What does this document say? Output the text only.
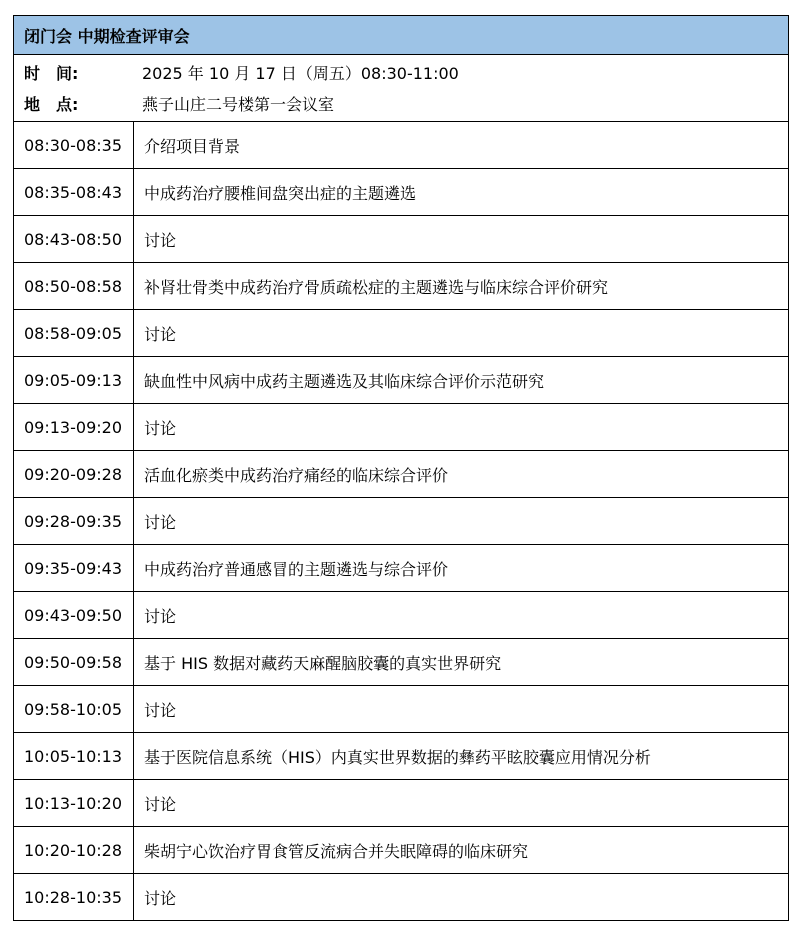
闭门会 中期检查评审会	

时　间: 2025 年 10 月 17 日（周五）08:30-11:00
地　点: 燕子山庄二号楼第一会议室	

08:30-08:35	介绍项目背景
08:35-08:43	中成药治疗腰椎间盘突出症的主题遴选
08:43-08:50	讨论
08:50-08:58	补肾壮骨类中成药治疗骨质疏松症的主题遴选与临床综合评价研究
08:58-09:05	讨论
09:05-09:13	缺血性中风病中成药主题遴选及其临床综合评价示范研究
09:13-09:20	讨论
09:20-09:28	活血化瘀类中成药治疗痛经的临床综合评价
09:28-09:35	讨论
09:35-09:43	中成药治疗普通感冒的主题遴选与综合评价
09:43-09:50	讨论
09:50-09:58	基于 HIS 数据对藏药天麻醒脑胶囊的真实世界研究
09:58-10:05	讨论
10:05-10:13	基于医院信息系统（HIS）内真实世界数据的彝药平眩胶囊应用情况分析
10:13-10:20	讨论
10:20-10:28	柴胡宁心饮治疗胃食管反流病合并失眠障碍的临床研究
10:28-10:35	讨论
